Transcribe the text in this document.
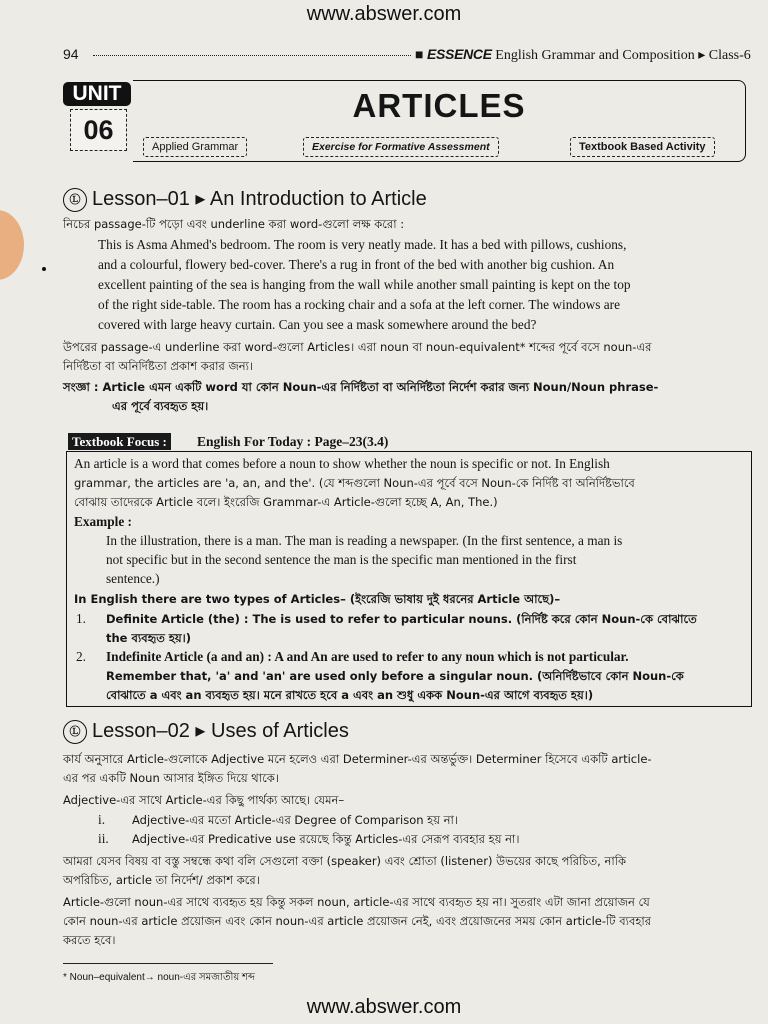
www.abswer.com
94	■ ESSENCE English Grammar and Composition ▸ Class-6
UNIT
06
ARTICLES
Applied Grammar	Exercise for Formative Assessment	Textbook Based Activity
Ⓛ Lesson–01 ▸ An Introduction to Article
নিচের passage-টি পড়ো এবং underline করা word-গুলো লক্ষ করো :
This is Asma Ahmed's bedroom. The room is very neatly made. It has a bed with pillows, cushions,
and a colourful, flowery bed-cover. There's a rug in front of the bed with another big cushion. An
excellent painting of the sea is hanging from the wall while another small painting is kept on the top
of the right side-table. The room has a rocking chair and a sofa at the left corner. The windows are
covered with large heavy curtain. Can you see a mask somewhere around the bed?
উপরের passage-এ underline করা word-গুলো Articles। এরা noun বা noun-equivalent* শব্দের পূর্বে বসে noun-এর
নির্দিষ্টতা বা অনির্দিষ্টতা প্রকাশ করার জন্য।
সংজ্ঞা : Article এমন একটি word যা কোন Noun-এর নির্দিষ্টতা বা অনির্দিষ্টতা নির্দেশ করার জন্য Noun/Noun phrase-
এর পূর্বে ব্যবহৃত হয়।
Textbook Focus : English For Today : Page–23(3.4)
An article is a word that comes before a noun to show whether the noun is specific or not. In English
grammar, the articles are 'a, an, and the'. (যে শব্দগুলো Noun-এর পূর্বে বসে Noun-কে নির্দিষ্ট বা অনির্দিষ্টভাবে
বোঝায় তাদেরকে Article বলে। ইংরেজি Grammar-এ Article-গুলো হচ্ছে A, An, The.)
Example :
In the illustration, there is a man. The man is reading a newspaper. (In the first sentence, a man is
not specific but in the second sentence the man is the specific man mentioned in the first
sentence.)
In English there are two types of Articles– (ইংরেজি ভাষায় দুই ধরনের Article আছে)–
1. Definite Article (the) : The is used to refer to particular nouns. (নির্দিষ্ট করে কোন Noun-কে বোঝাতে
the ব্যবহৃত হয়।)
2. Indefinite Article (a and an) : A and An are used to refer to any noun which is not particular.
Remember that, 'a' and 'an' are used only before a singular noun. (অনির্দিষ্টভাবে কোন Noun-কে
বোঝাতে a এবং an ব্যবহৃত হয়। মনে রাখতে হবে a এবং an শুধু একক Noun-এর আগে ব্যবহৃত হয়।)
Ⓛ Lesson–02 ▸ Uses of Articles
কার্য অনুসারে Article-গুলোকে Adjective মনে হলেও এরা Determiner-এর অন্তর্ভুক্ত। Determiner হিসেবে একটি article-
এর পর একটি Noun আসার ইঙ্গিত দিয়ে থাকে।
Adjective-এর সাথে Article-এর কিছু পার্থক্য আছে। যেমন–
i. Adjective-এর মতো Article-এর Degree of Comparison হয় না।
ii. Adjective-এর Predicative use রয়েছে কিন্তু Articles-এর সেরূপ ব্যবহার হয় না।
আমরা যেসব বিষয় বা বস্তু সম্বন্ধে কথা বলি সেগুলো বক্তা (speaker) এবং শ্রোতা (listener) উভয়ের কাছে পরিচিত, নাকি
অপরিচিত, article তা নির্দেশ/ প্রকাশ করে।
Article-গুলো noun-এর সাথে ব্যবহৃত হয় কিন্তু সকল noun, article-এর সাথে ব্যবহৃত হয় না। সুতরাং এটা জানা প্রয়োজন যে
কোন noun-এর article প্রয়োজন এবং কোন noun-এর article প্রয়োজন নেই, এবং প্রয়োজনের সময় কোন article-টি ব্যবহার
করতে হবে।
* Noun–equivalent→ noun-এর সমজাতীয় শব্দ
www.abswer.com
